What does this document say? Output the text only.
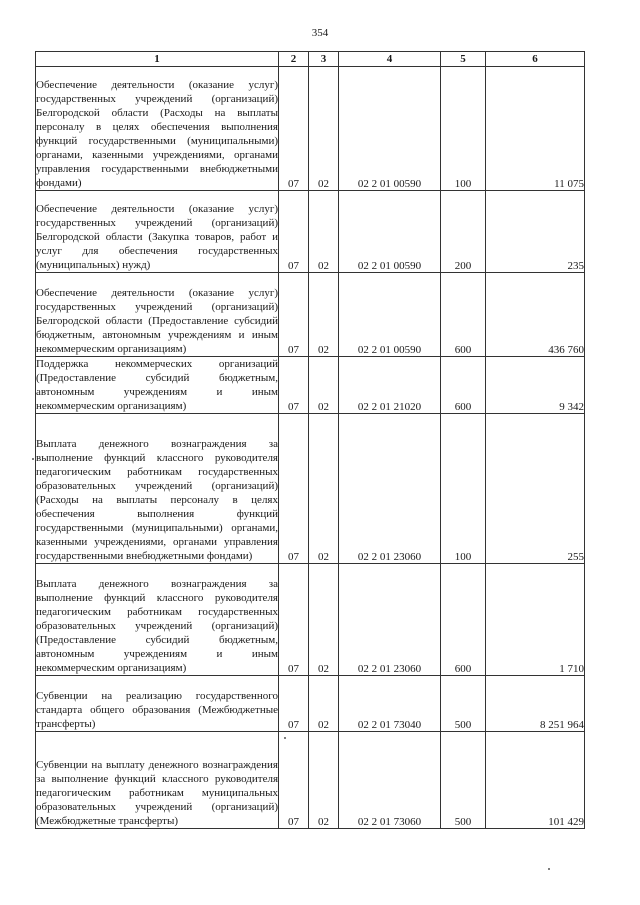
354
1	2	3	4	5	6
Обеспечение деятельности (оказание услуг) государственных учреждений (организаций) Белгородской области (Расходы на выплаты персоналу в целях обеспечения выполнения функций государственными (муниципальными) органами, казенными учреждениями, органами управления государственными внебюджетными фондами)	07	02	02 2 01 00590	100	11 075
Обеспечение деятельности (оказание услуг) государственных учреждений (организаций) Белгородской области (Закупка товаров, работ и услуг для обеспечения государственных (муниципальных) нужд)	07	02	02 2 01 00590	200	235
Обеспечение деятельности (оказание услуг) государственных учреждений (организаций) Белгородской области (Предоставление субсидий бюджетным, автономным учреждениям и иным некоммерческим организациям)	07	02	02 2 01 00590	600	436 760
Поддержка некоммерческих организаций (Предоставление субсидий бюджетным, автономным учреждениям и иным некоммерческим организациям)	07	02	02 2 01 21020	600	9 342
Выплата денежного вознаграждения за выполнение функций классного руководителя педагогическим работникам государственных образовательных учреждений (организаций) (Расходы на выплаты персоналу в целях обеспечения выполнения функций государственными (муниципальными) органами, казенными учреждениями, органами управления государственными внебюджетными фондами)	07	02	02 2 01 23060	100	255
Выплата денежного вознаграждения за выполнение функций классного руководителя педагогическим работникам государственных образовательных учреждений (организаций) (Предоставление субсидий бюджетным, автономным учреждениям и иным некоммерческим организациям)	07	02	02 2 01 23060	600	1 710
Субвенции на реализацию государственного стандарта общего образования (Межбюджетные трансферты)	07	02	02 2 01 73040	500	8 251 964
Субвенции на выплату денежного вознаграждения за выполнение функций классного руководителя педагогическим работникам муниципальных образовательных учреждений (организаций) (Межбюджетные трансферты)	07	02	02 2 01 73060	500	101 429
